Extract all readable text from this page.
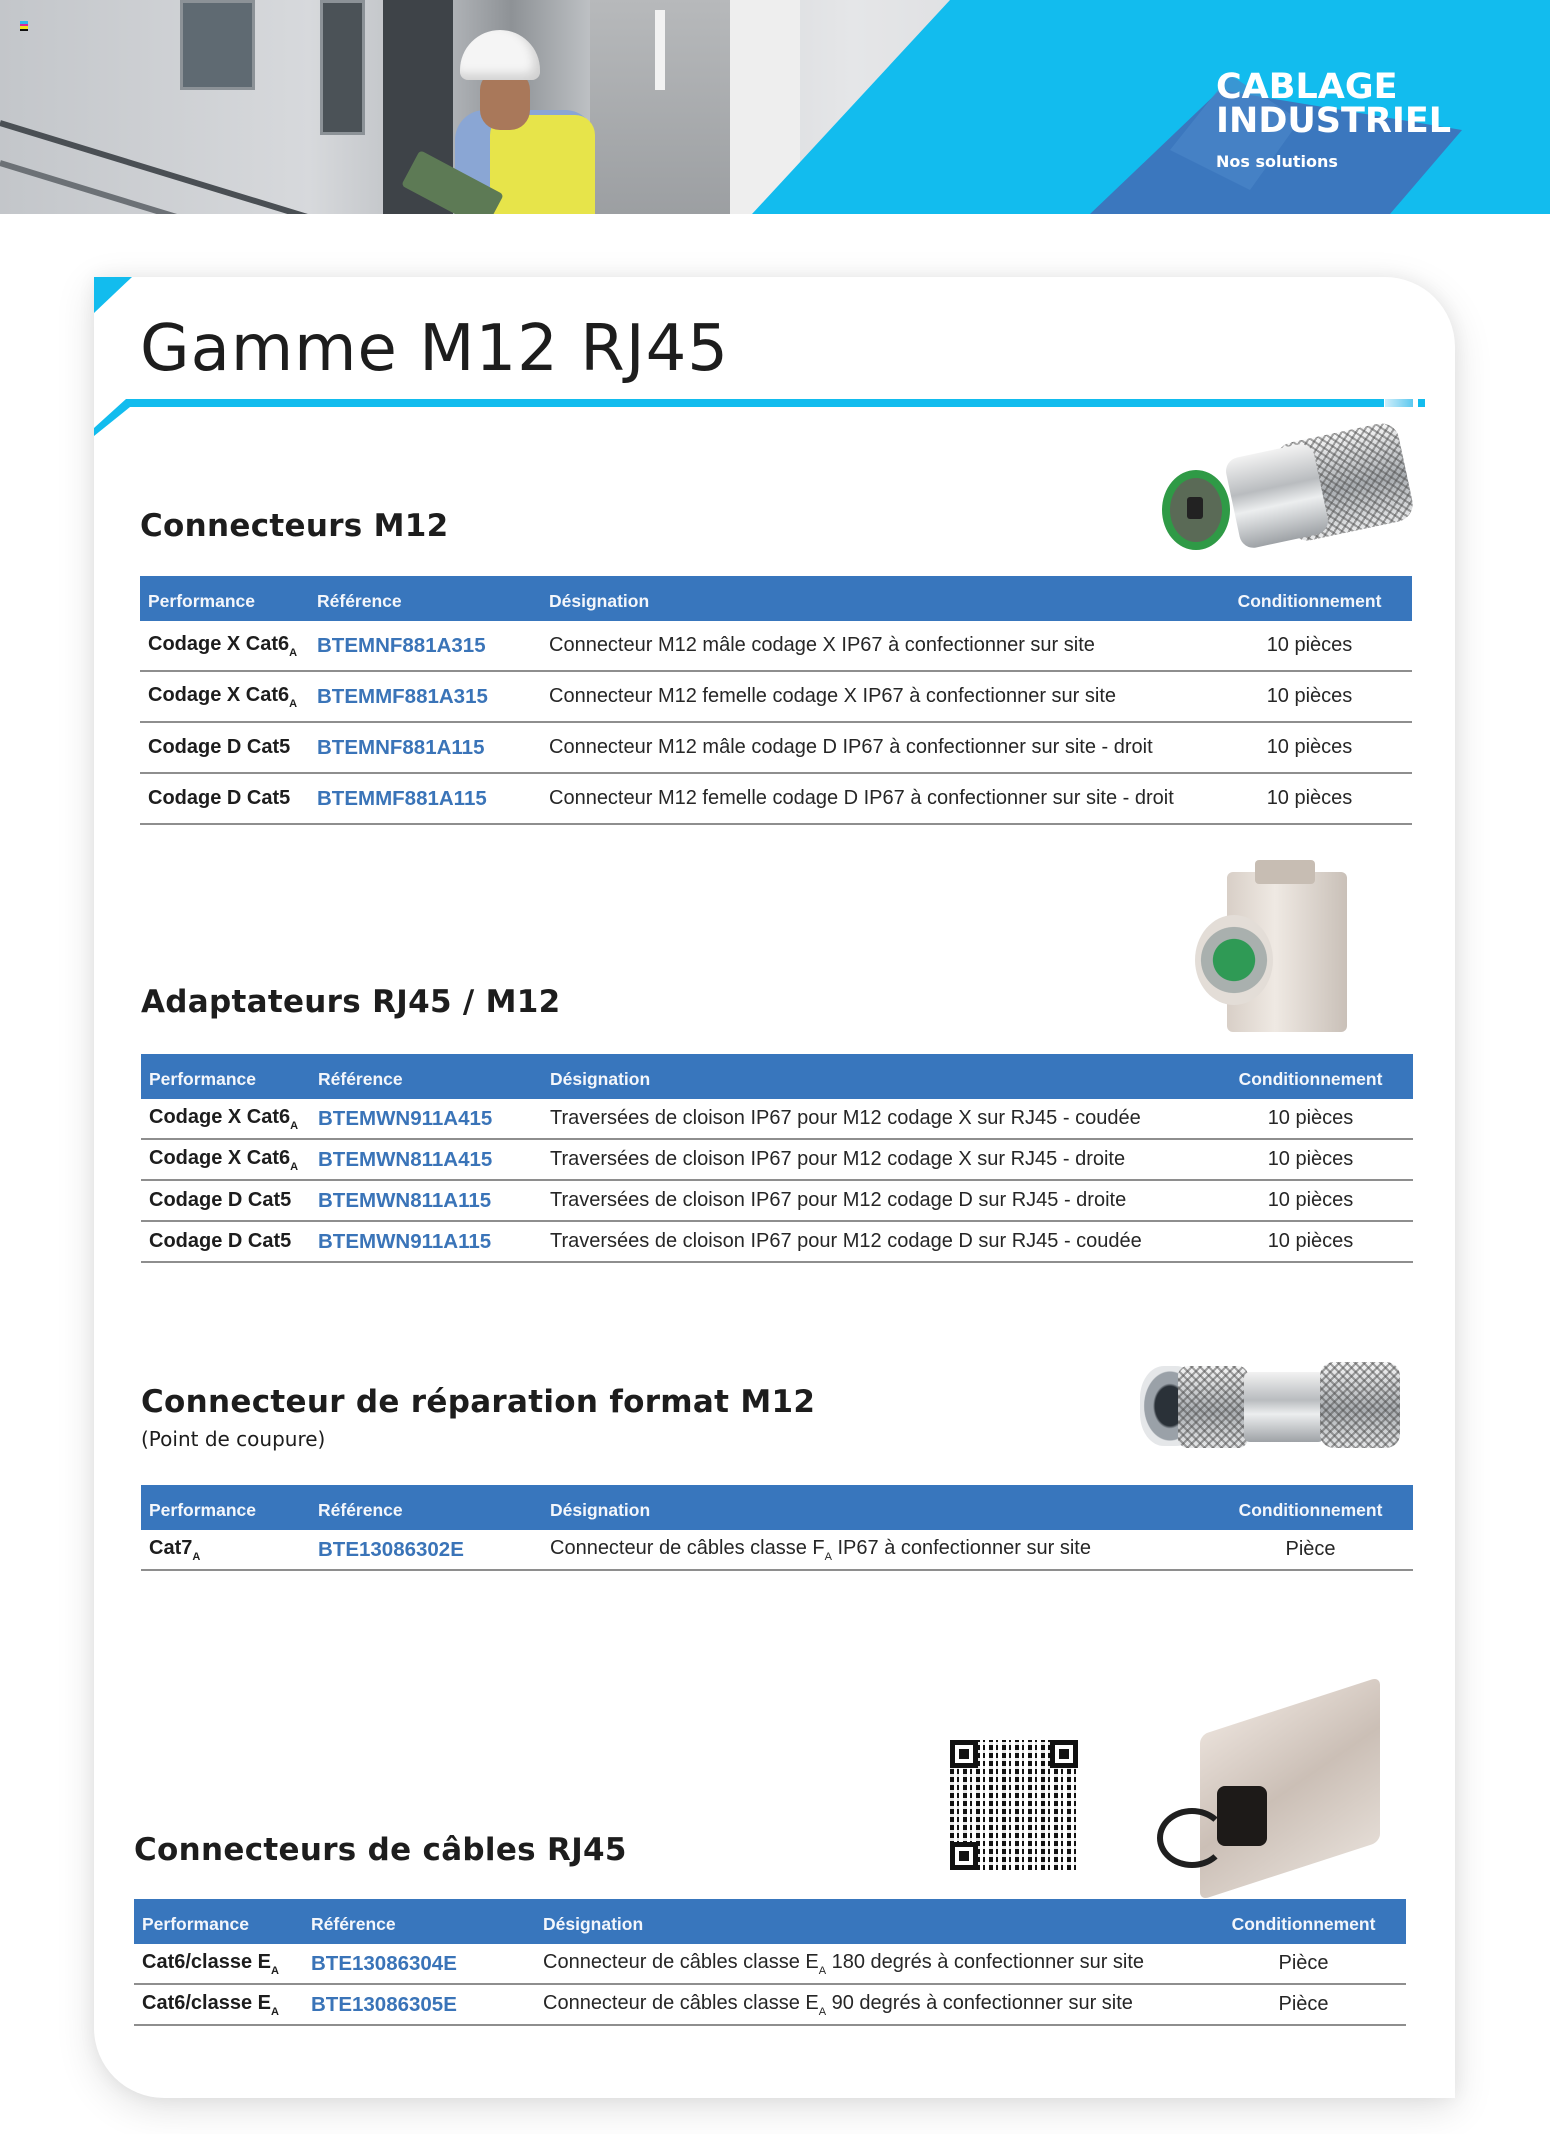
CABLAGE
INDUSTRIEL
Nos solutions
Gamme M12 RJ45
Connecteurs M12
Performance	Référence	Désignation	Conditionnement
Codage X $Cat6_A$ BTEMNF881A315	Connecteur M12 mâle codage X IP67 à confectionner sur site	10 pièces
Codage X $Cat6_A$ BTEMMF881A315	Connecteur M12 femelle codage X IP67 à confectionner sur site	10 pièces
Codage D Cat5	BTEMNF881A115	Connecteur M12 mâle codage D IP67 à confectionner sur site - droit	10 pièces
Codage D Cat5	BTEMMF881A115	Connecteur M12 femelle codage D IP67 à confectionner sur site - droit	10 pièces
Adaptateurs RJ45 / M12
Performance	Référence	Désignation	Conditionnement
Codage X $Cat6_A$ BTEMWN911A415	Traversées de cloison IP67 pour M12 codage X sur RJ45 - coudée	10 pièces
Codage X $Cat6_A$ BTEMWN811A415	Traversées de cloison IP67 pour M12 codage X sur RJ45 - droite	10 pièces
Codage D Cat5	BTEMWN811A115	Traversées de cloison IP67 pour M12 codage D sur RJ45 - droite	10 pièces
Codage D Cat5	BTEMWN911A115	Traversées de cloison IP67 pour M12 codage D sur RJ45 - coudée	10 pièces
Connecteur de réparation format M12
(Point de coupure)
Performance	Référence	Désignation	Conditionnement
$Cat7_A$	BTE13086302E	Connecteur de câbles classe $F_A$ IP67 à confectionner sur site	Pièce
Connecteurs de câbles RJ45
Performance	Référence	Désignation	Conditionnement
Cat6/classe $E_A$	BTE13086304E	Connecteur de câbles classe $E_A$ 180 degrés à confectionner sur site	Pièce
Cat6/classe $E_A$	BTE13086305E	Connecteur de câbles classe $E_A$ 90 degrés à confectionner sur site	Pièce
